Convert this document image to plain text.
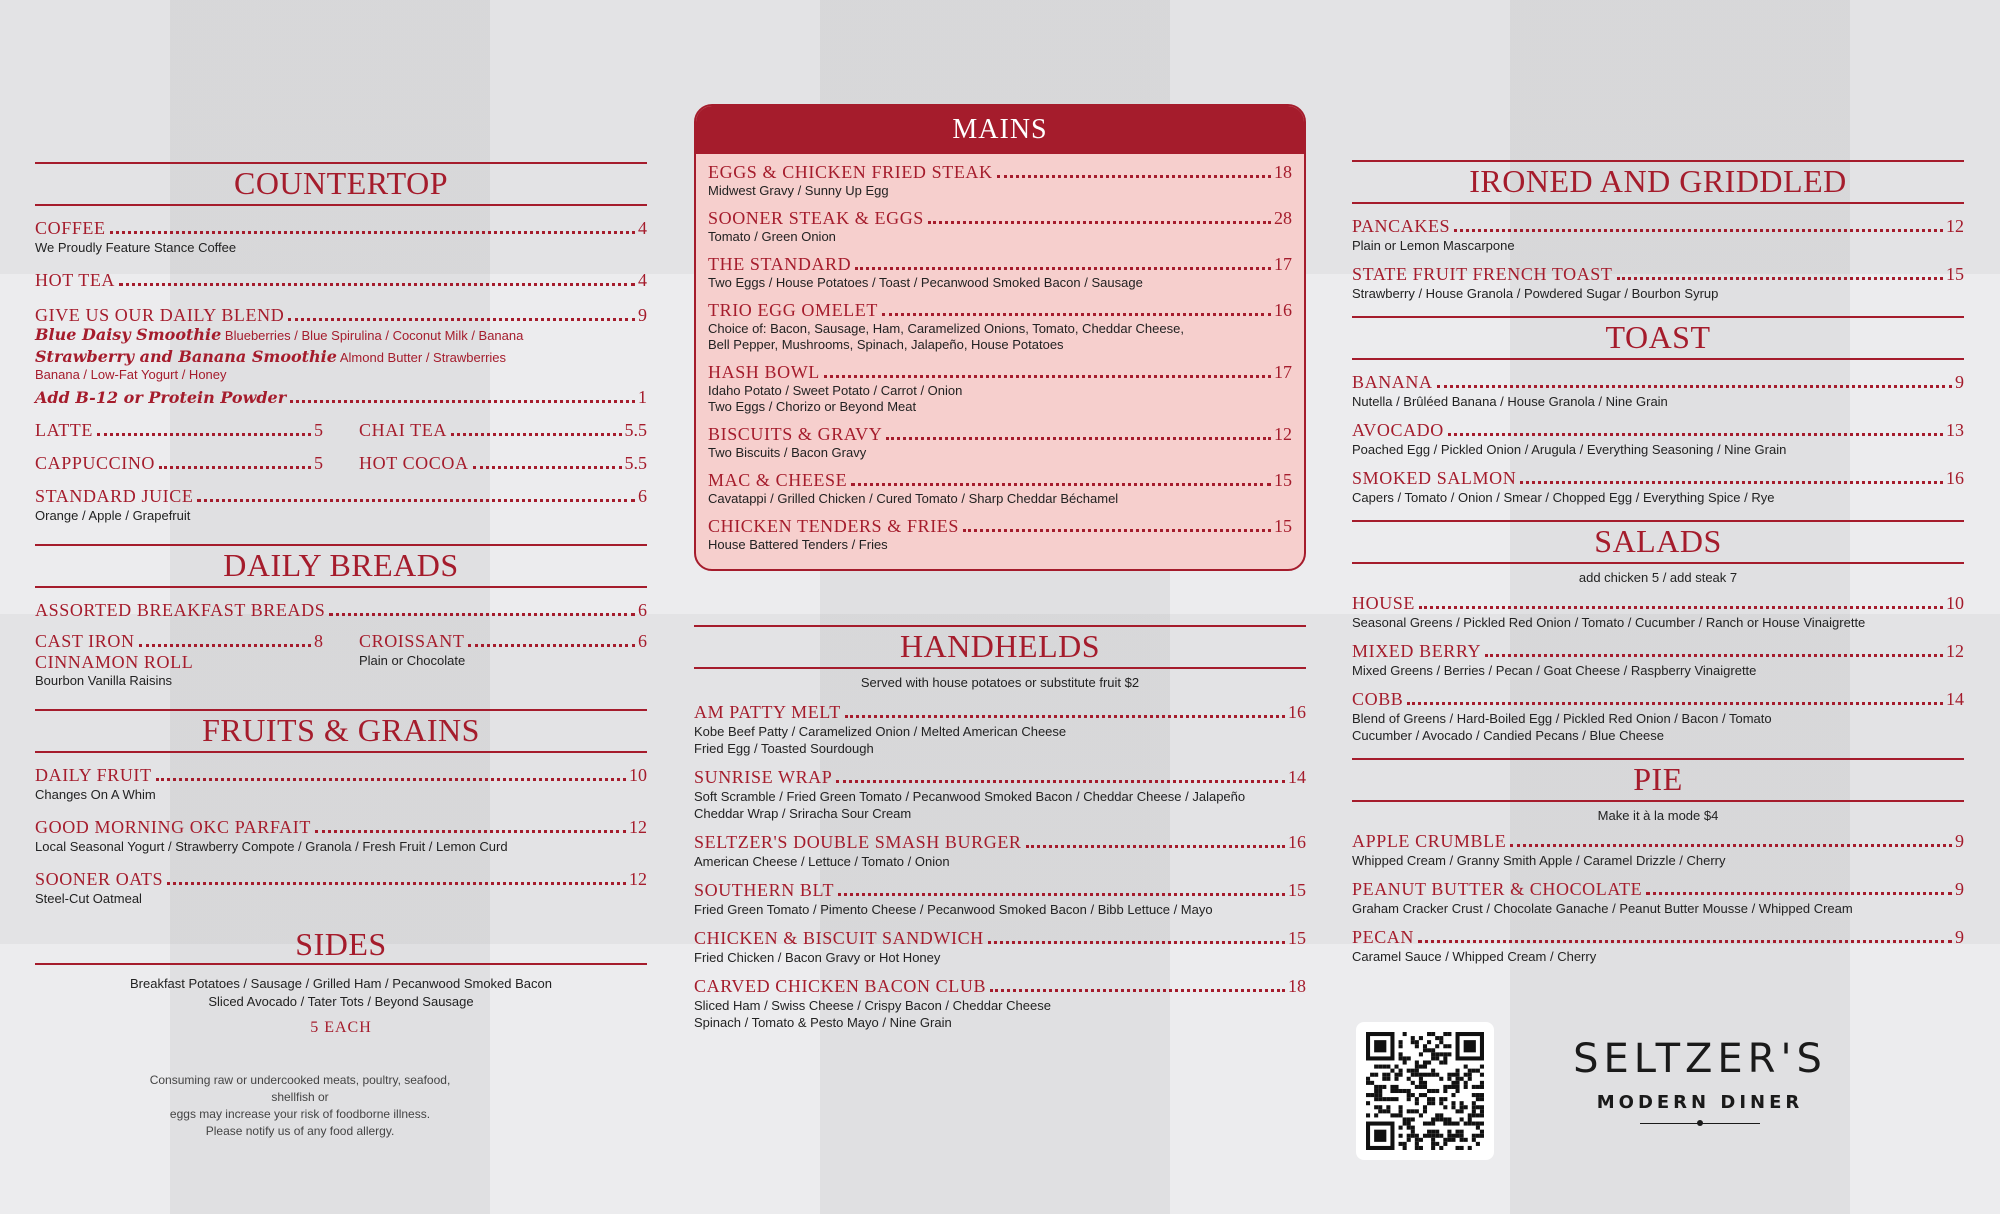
COUNTERTOP
COFFEE	4
We Proudly Feature Stance Coffee
HOT TEA	4
GIVE US OUR DAILY BLEND	9
Blue Daisy Smoothie Blueberries / Blue Spirulina / Coconut Milk / Banana
Strawberry and Banana Smoothie Almond Butter / Strawberries
Banana / Low-Fat Yogurt / Honey
Add B-12 or Protein Powder	1
LATTE	5
CAPPUCCINO	5
CHAI TEA	5.5
HOT COCOA	5.5
STANDARD JUICE	6
Orange / Apple / Grapefruit
DAILY BREADS
ASSORTED BREAKFAST BREADS	6
CAST IRON	8
CINNAMON ROLL
Bourbon Vanilla Raisins
CROISSANT	6
Plain or Chocolate
FRUITS & GRAINS
DAILY FRUIT	10
Changes On A Whim
GOOD MORNING OKC PARFAIT	12
Local Seasonal Yogurt / Strawberry Compote / Granola / Fresh Fruit / Lemon Curd
SOONER OATS	12
Steel-Cut Oatmeal
SIDES
Breakfast Potatoes / Sausage / Grilled Ham / Pecanwood Smoked Bacon
Sliced Avocado / Tater Tots / Beyond Sausage
5 EACH
Consuming raw or undercooked meats, poultry, seafood, shellfish or
eggs may increase your risk of foodborne illness.
Please notify us of any food allergy.
MAINS
EGGS & CHICKEN FRIED STEAK	18
Midwest Gravy / Sunny Up Egg
SOONER STEAK & EGGS	28
Tomato / Green Onion
THE STANDARD	17
Two Eggs / House Potatoes / Toast / Pecanwood Smoked Bacon / Sausage
TRIO EGG OMELET	16
Choice of: Bacon, Sausage, Ham, Caramelized Onions, Tomato, Cheddar Cheese,
Bell Pepper, Mushrooms, Spinach, Jalapeño, House Potatoes
HASH BOWL	17
Idaho Potato / Sweet Potato / Carrot / Onion
Two Eggs / Chorizo or Beyond Meat
BISCUITS & GRAVY	12
Two Biscuits / Bacon Gravy
MAC & CHEESE	15
Cavatappi / Grilled Chicken / Cured Tomato / Sharp Cheddar Béchamel
CHICKEN TENDERS & FRIES	15
House Battered Tenders / Fries
HANDHELDS
Served with house potatoes or substitute fruit $2
AM PATTY MELT	16
Kobe Beef Patty / Caramelized Onion / Melted American Cheese
Fried Egg / Toasted Sourdough
SUNRISE WRAP	14
Soft Scramble / Fried Green Tomato / Pecanwood Smoked Bacon / Cheddar Cheese / Jalapeño
Cheddar Wrap / Sriracha Sour Cream
SELTZER'S DOUBLE SMASH BURGER	16
American Cheese / Lettuce / Tomato / Onion
SOUTHERN BLT	15
Fried Green Tomato / Pimento Cheese / Pecanwood Smoked Bacon / Bibb Lettuce / Mayo
CHICKEN & BISCUIT SANDWICH	15
Fried Chicken / Bacon Gravy or Hot Honey
CARVED CHICKEN BACON CLUB	18
Sliced Ham / Swiss Cheese / Crispy Bacon / Cheddar Cheese
Spinach / Tomato & Pesto Mayo / Nine Grain
IRONED AND GRIDDLED
PANCAKES	12
Plain or Lemon Mascarpone
STATE FRUIT FRENCH TOAST	15
Strawberry / House Granola / Powdered Sugar / Bourbon Syrup
TOAST
BANANA	9
Nutella / Brûléed Banana / House Granola / Nine Grain
AVOCADO	13
Poached Egg / Pickled Onion / Arugula / Everything Seasoning / Nine Grain
SMOKED SALMON	16
Capers / Tomato / Onion / Smear / Chopped Egg / Everything Spice / Rye
SALADS
add chicken 5 / add steak 7
HOUSE	10
Seasonal Greens / Pickled Red Onion / Tomato / Cucumber / Ranch or House Vinaigrette
MIXED BERRY	12
Mixed Greens / Berries / Pecan / Goat Cheese / Raspberry Vinaigrette
COBB	14
Blend of Greens / Hard-Boiled Egg / Pickled Red Onion / Bacon / Tomato
Cucumber / Avocado / Candied Pecans / Blue Cheese
PIE
Make it à la mode $4
APPLE CRUMBLE	9
Whipped Cream / Granny Smith Apple / Caramel Drizzle / Cherry
PEANUT BUTTER & CHOCOLATE	9
Graham Cracker Crust / Chocolate Ganache / Peanut Butter Mousse / Whipped Cream
PECAN	9
Caramel Sauce / Whipped Cream / Cherry
SELTZER'S
MODERN DINER
